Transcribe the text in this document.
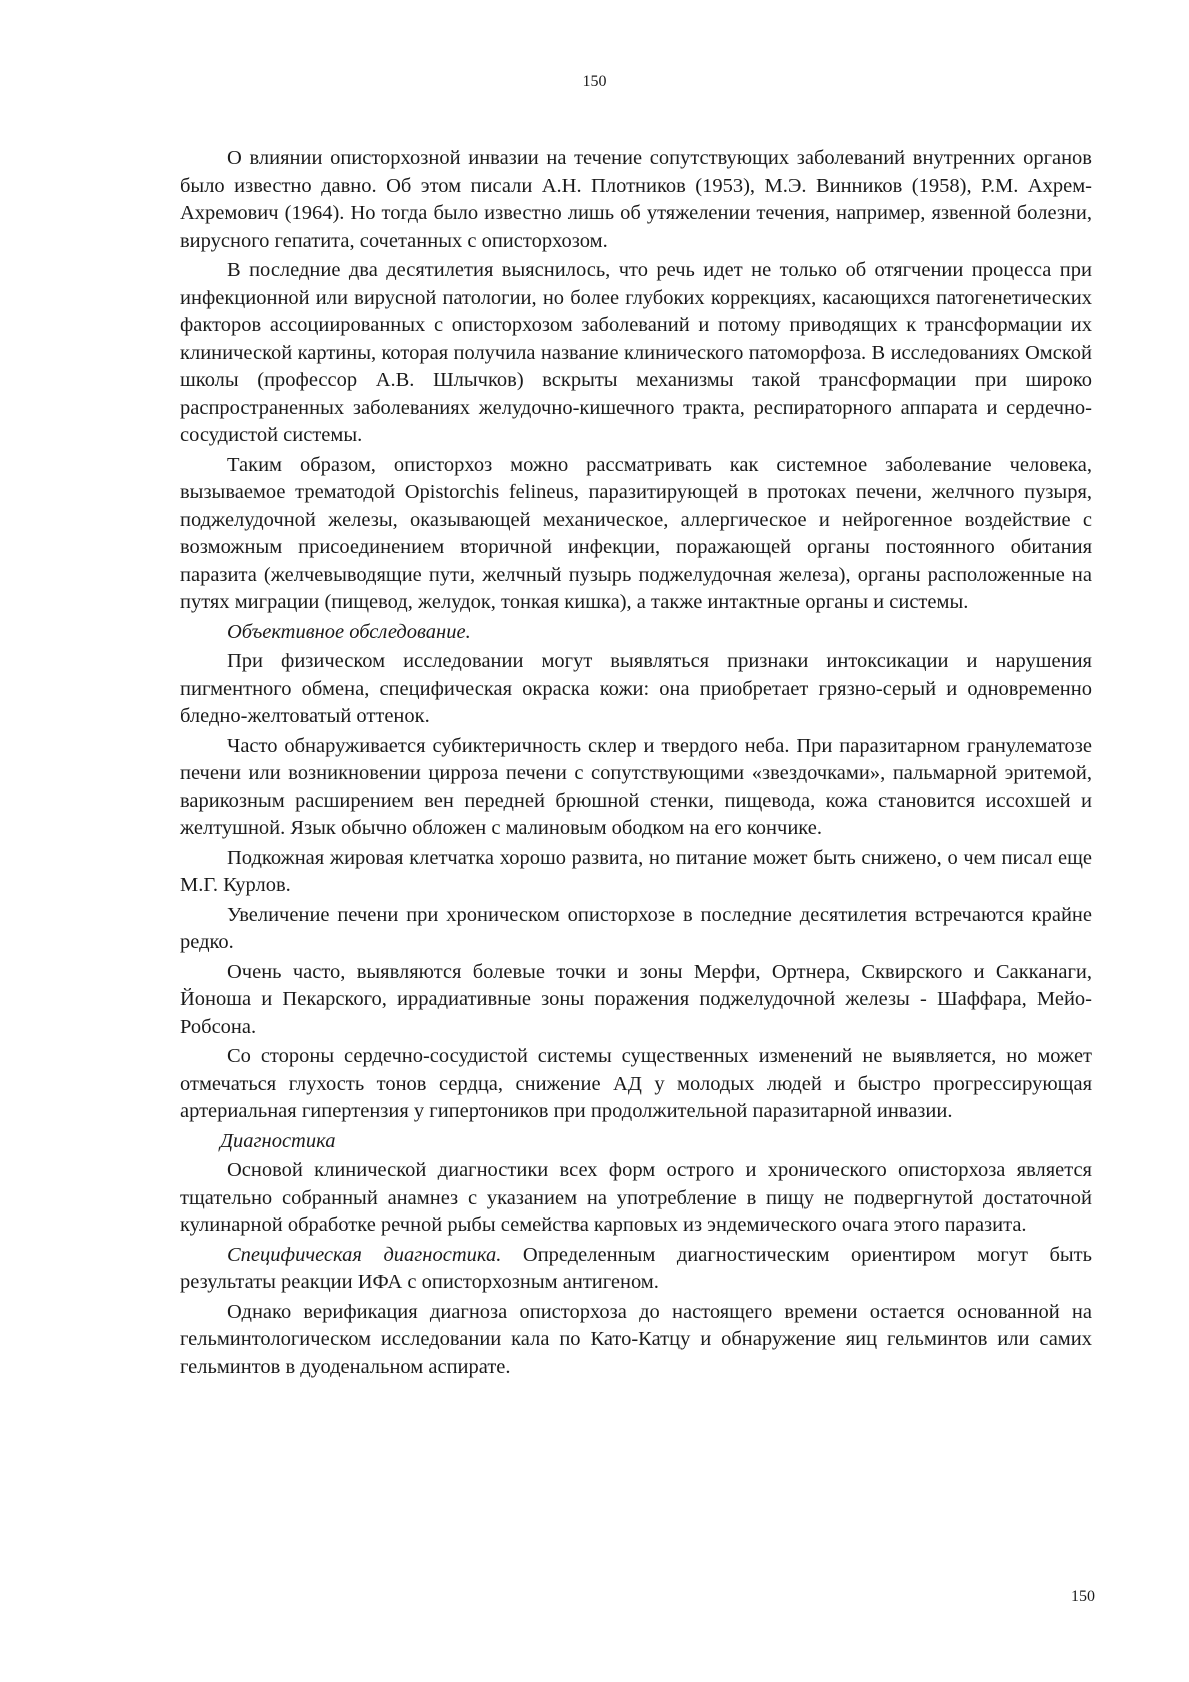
150

О влиянии описторхозной инвазии на течение сопутствующих заболеваний внутренних органов было известно давно. Об этом писали А.Н. Плотников (1953), М.Э. Винников (1958), Р.М. Ахрем-Ахремович (1964). Но тогда было известно лишь об утяжелении течения, например, язвенной болезни, вирусного гепатита, сочетанных с описторхозом.

В последние два десятилетия выяснилось, что речь идет не только об отягчении процесса при инфекционной или вирусной патологии, но более глубоких коррекциях, касающихся патогенетических факторов ассоциированных с описторхозом заболеваний и потому приводящих к трансформации их клинической картины, которая получила название клинического патоморфоза. В исследованиях Омской школы (профессор А.В. Шлычков) вскрыты механизмы такой трансформации при широко распространенных заболеваниях желудочно-кишечного тракта, респираторного аппарата и сердечно-сосудистой системы.

Таким образом, описторхоз можно рассматривать как системное заболевание человека, вызываемое трематодой Opistorchis felineus, паразитирующей в протоках печени, желчного пузыря, поджелудочной железы, оказывающей механическое, аллергическое и нейрогенное воздействие с возможным присоединением вторичной инфекции, поражающей органы постоянного обитания паразита (желчевыводящие пути, желчный пузырь поджелудочная железа), органы расположенные на путях миграции (пищевод, желудок, тонкая кишка), а также интактные органы и системы.

Объективное обследование.

При физическом исследовании могут выявляться признаки интоксикации и нарушения пигментного обмена, специфическая окраска кожи: она приобретает грязно-серый и одновременно бледно-желтоватый оттенок.

Часто обнаруживается субиктеричность склер и твердого неба. При паразитарном гранулематозе печени или возникновении цирроза печени с сопутствующими «звездочками», пальмарной эритемой, варикозным расширением вен передней брюшной стенки, пищевода, кожа становится иссохшей и желтушной. Язык обычно обложен с малиновым ободком на его кончике.

Подкожная жировая клетчатка хорошо развита, но питание может быть снижено, о чем писал еще М.Г. Курлов.

Увеличение печени при хроническом описторхозе в последние десятилетия встречаются крайне редко.

Очень часто, выявляются болевые точки и зоны Мерфи, Ортнера, Сквирского и Сакканаги, Йоноша и Пекарского, иррадиативные зоны поражения поджелудочной железы - Шаффара, Мейо-Робсона.

Со стороны сердечно-сосудистой системы существенных изменений не выявляется, но может отмечаться глухость тонов сердца, снижение АД у молодых людей и быстро прогрессирующая артериальная гипертензия у гипертоников при продолжительной паразитарной инвазии.

Диагностика

Основой клинической диагностики всех форм острого и хронического описторхоза является тщательно собранный анамнез с указанием на употребление в пищу не подвергнутой достаточной кулинарной обработке речной рыбы семейства карповых из эндемического очага этого паразита.

Специфическая диагностика. Определенным диагностическим ориентиром могут быть результаты реакции ИФА с описторхозным антигеном.

Однако верификация диагноза описторхоза до настоящего времени остается основанной на гельминтологическом исследовании кала по Като-Катцу и обнаружение яиц гельминтов или самих гельминтов в дуоденальном аспирате.

150
